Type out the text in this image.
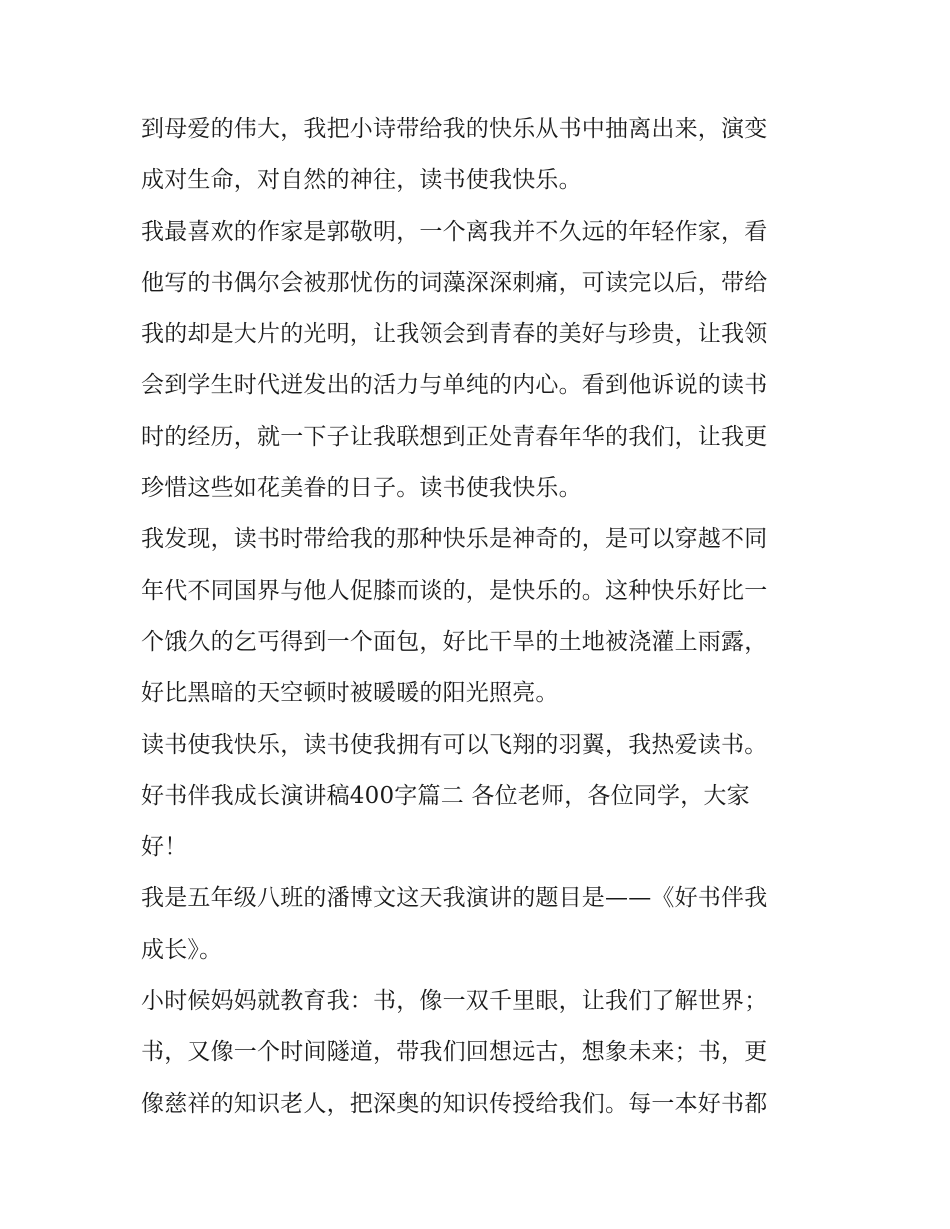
到母爱的伟大，我把小诗带给我的快乐从书中抽离出来，演变
成对生命，对自然的神往，读书使我快乐。
我最喜欢的作家是郭敬明，一个离我并不久远的年轻作家，看
他写的书偶尔会被那忧伤的词藻深深刺痛，可读完以后，带给
我的却是大片的光明，让我领会到青春的美好与珍贵，让我领
会到学生时代迸发出的活力与单纯的内心。看到他诉说的读书
时的经历，就一下子让我联想到正处青春年华的我们，让我更
珍惜这些如花美眷的日子。读书使我快乐。
我发现，读书时带给我的那种快乐是神奇的，是可以穿越不同
年代不同国界与他人促膝而谈的，是快乐的。这种快乐好比一
个饿久的乞丐得到一个面包，好比干旱的土地被浇灌上雨露，
好比黑暗的天空顿时被暖暖的阳光照亮。
读书使我快乐，读书使我拥有可以飞翔的羽翼，我热爱读书。
好书伴我成长演讲稿400字篇二 各位老师，各位同学，大家
好！
我是五年级八班的潘博文这天我演讲的题目是——《好书伴我
成长》。
小时候妈妈就教育我：书，像一双千里眼，让我们了解世界；
书，又像一个时间隧道，带我们回想远古，想象未来；书，更
像慈祥的知识老人，把深奥的知识传授给我们。每一本好书都
